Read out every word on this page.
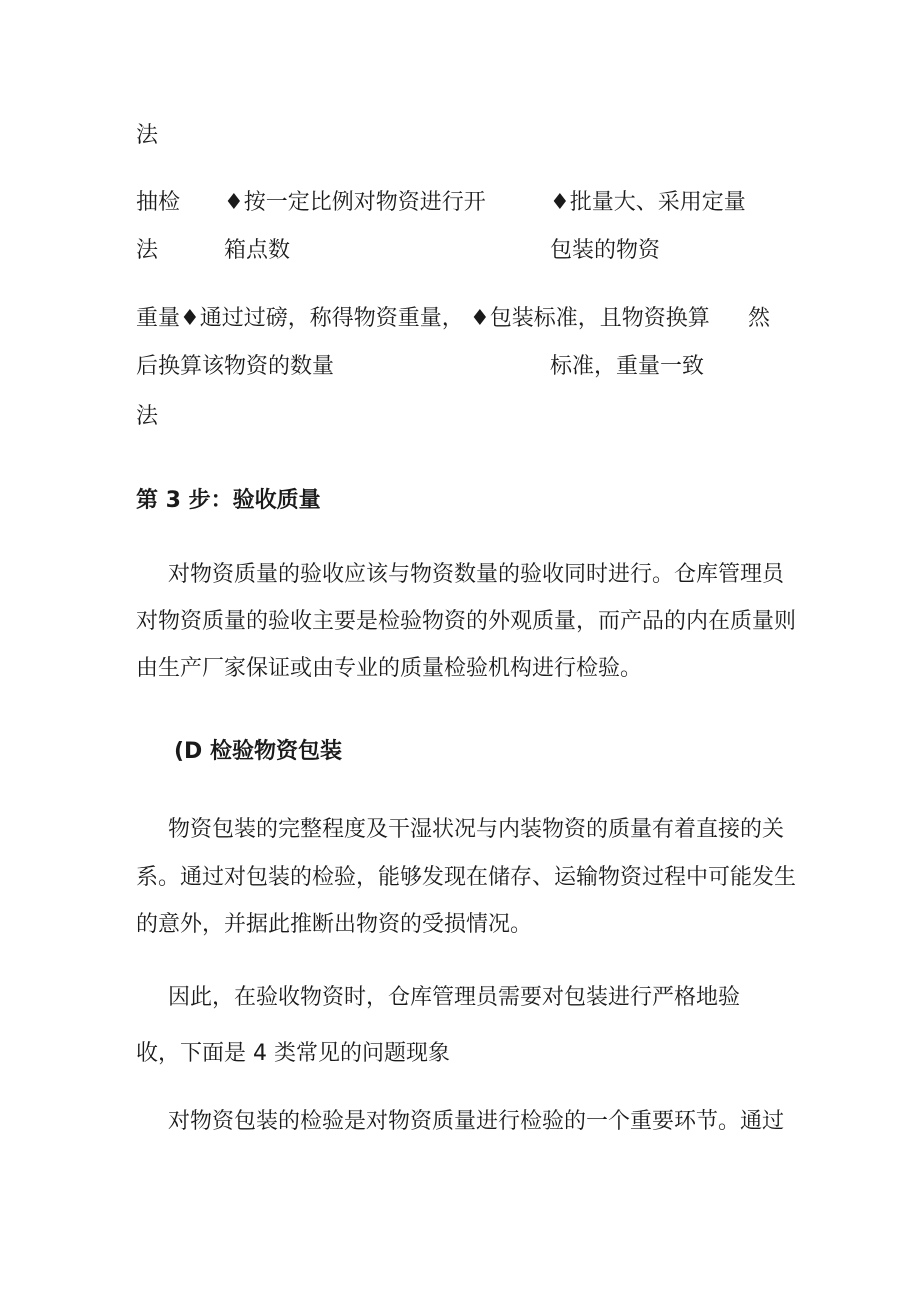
法
抽检
法
♦按一定比例对物资进行开
箱点数
♦批量大、采用定量
包装的物资
重量♦通过过磅，称得物资重量， ♦包装标准，且物资换算 然
后换算该物资的数量	标准，重量一致
法
第 3 步：验收质量
对物资质量的验收应该与物资数量的验收同时进行。仓库管理员
对物资质量的验收主要是检验物资的外观质量，而产品的内在质量则
由生产厂家保证或由专业的质量检验机构进行检验。
(D 检验物资包装
物资包装的完整程度及干湿状况与内装物资的质量有着直接的关
系。通过对包装的检验，能够发现在储存、运输物资过程中可能发生
的意外，并据此推断出物资的受损情况。
因此，在验收物资时，仓库管理员需要对包装进行严格地验
收，下面是 4 类常见的问题现象
对物资包装的检验是对物资质量进行检验的一个重要环节。通过
